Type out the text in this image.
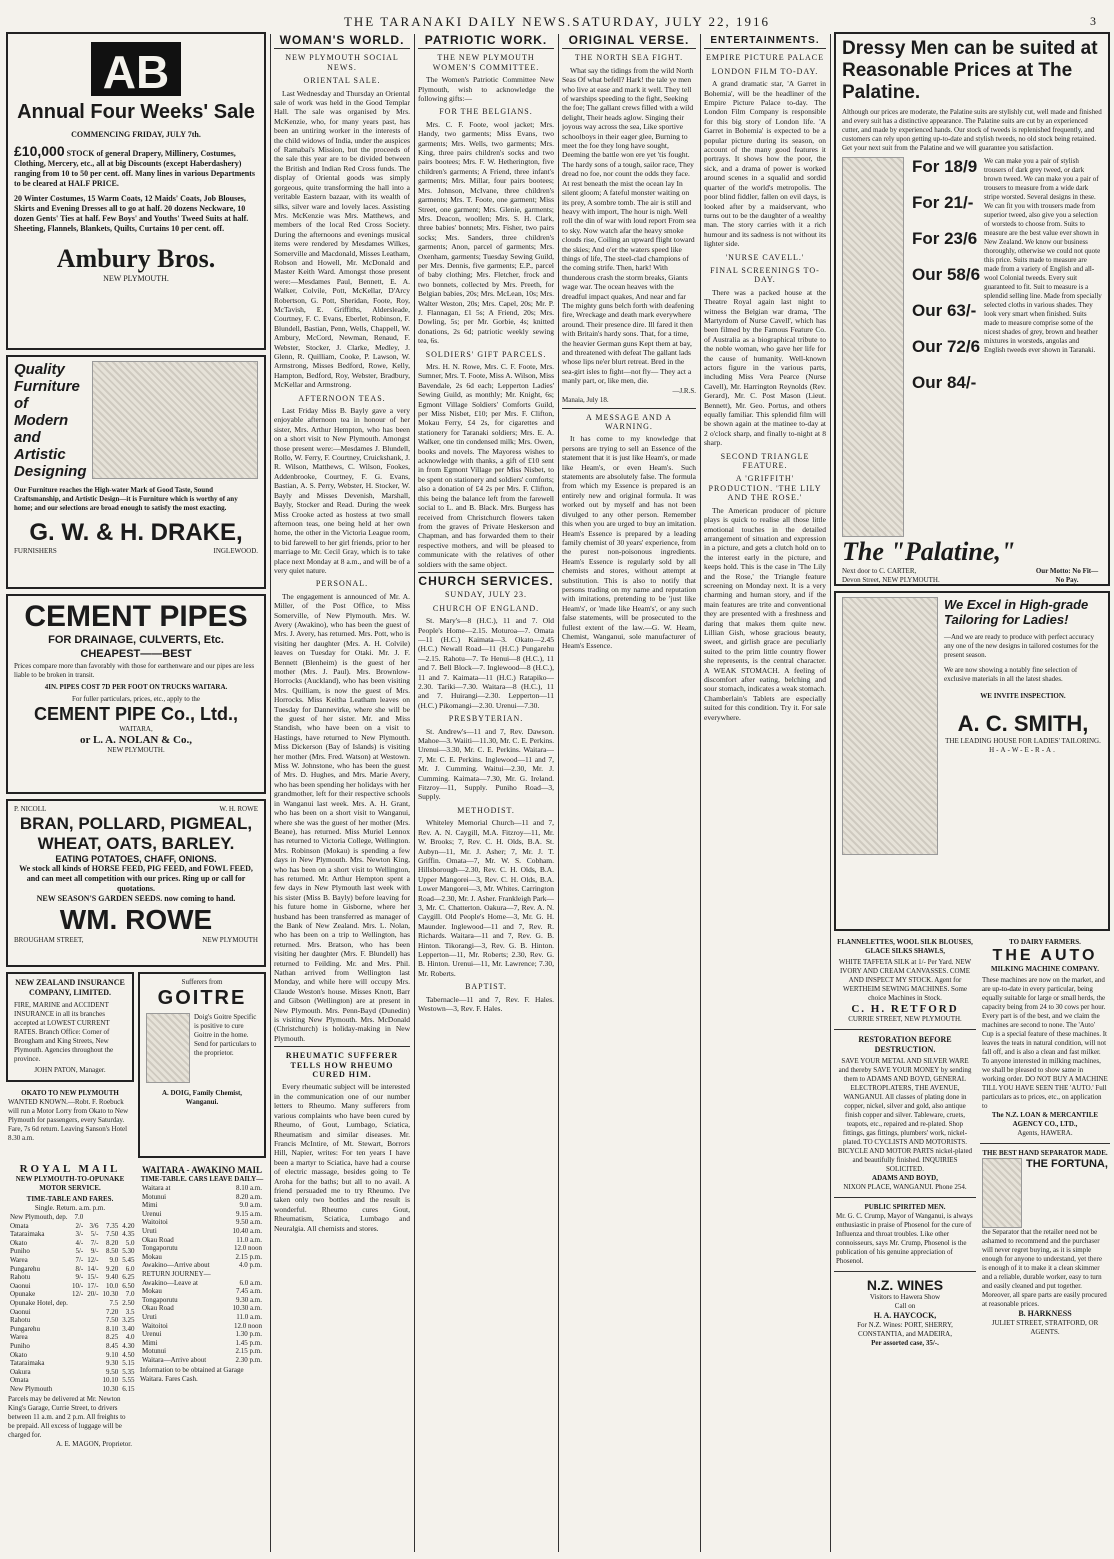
THE TARANAKI DAILY NEWS.SATURDAY, JULY 22, 1916	3
AB
Annual Four Weeks' Sale
COMMENCING FRIDAY, JULY 7th.
£10,000 STOCK of general Drapery, Millinery, Costumes, Clothing, Mercery, etc., all at big Discounts (except Haberdashery) ranging from 10 to 50 per cent. off. Many lines in various Departments to be cleared at HALF PRICE.
20 Winter Costumes, 15 Warm Coats, 12 Maids' Coats, Job Blouses, Skirts and Evening Dresses all to go at half. 20 dozens Neckware, 10 dozen Gents' Ties at half. Few Boys' and Youths' Tweed Suits at half. Sheeting, Flannels, Blankets, Quilts, Curtains 10 per cent. off.
Ambury Bros.
NEW PLYMOUTH.
Quality Furniture of Modern and Artistic Designing
Our Furniture reaches the High-water Mark of Good Taste, Sound Craftsmanship, and Artistic Design—it is Furniture which is worthy of any home; and our selections are broad enough to satisfy the most exacting.
G. W. & H. DRAKE,
FURNISHERS	INGLEWOOD.
CEMENT PIPES
FOR DRAINAGE, CULVERTS, Etc.
CHEAPEST——BEST
Prices compare more than favorably with those for earthenware and our pipes are less liable to be broken in transit.
4IN. PIPES COST 7D PER FOOT ON TRUCKS WAITARA.
For fuller particulars, prices, etc., apply to the
CEMENT PIPE Co., Ltd.,
WAITARA,
or L. A. NOLAN & Co.,
NEW PLYMOUTH.
P. NICOLL	W. H. ROWE
BRAN, POLLARD, PIGMEAL,
WHEAT, OATS, BARLEY.
EATING POTATOES, CHAFF, ONIONS.
We stock all kinds of HORSE FEED, PIG FEED, and FOWL FEED, and can meet all competition with our prices. Ring up or call for quotations.
NEW SEASON'S GARDEN SEEDS. now coming to hand.
WM. ROWE
BROUGHAM STREET,	NEW PLYMOUTH
NEW ZEALAND INSURANCE COMPANY, LIMITED.
FIRE, MARINE and ACCIDENT INSURANCE in all its branches accepted at LOWEST CURRENT RATES. Branch Office: Corner of Brougham and King Streets, New Plymouth. Agencies throughout the province.
JOHN PATON, Manager.
OKATO TO NEW PLYMOUTH
WANTED KNOWN.—Robt. F. Roebuck will run a Motor Lorry from Okato to New Plymouth for passengers, every Saturday. Fare, 7s 6d return. Leaving Sanson's Hotel 8.30 a.m.
ROYAL MAIL
NEW PLYMOUTH-TO-OPUNAKE MOTOR SERVICE.
TIME-TABLE AND FARES.
Single. Return. a.m. p.m.
New Plymouth, dep.	7.0			
Omata	2/-	3/6	7.35	4.20
Tataraimaka	3/-	5/-	7.50	4.35
Okato	4/-	7/-	8.20	5.0
Puniho	5/-	9/-	8.50	5.30
Warea	7/-	12/-	9.0	5.45
Pungarehu	8/-	14/-	9.20	6.0
Rahotu	9/-	15/-	9.40	6.25
Oaonui	10/-	17/-	10.0	6.50
Opunake	12/-	20/-	10.30	7.0
Opunake Hotel, dep.			7.5	2.50
Oaonui			7.20	3.5
Rahotu			7.50	3.25
Pungarehu			8.10	3.40
Warea			8.25	4.0
Puniho			8.45	4.30
Okato			9.10	4.50
Tataraimaka			9.30	5.15
Oakura			9.50	5.35
Omata			10.10	5.55
New Plymouth			10.30	6.15
Parcels may be delivered at Mr. Newton King's Garage, Currie Street, to drivers between 11 a.m. and 2 p.m. All freights to be prepaid. All excess of luggage will be charged for.
A. E. MAGON, Proprietor.
Sufferers from
GOITRE
Doig's Goitre Specific is positive to cure Goitre in the home. Send for particulars to the proprietor.
A. DOIG, Family Chemist, Wanganui.
WAITARA - AWAKINO MAIL
TIME-TABLE. CARS LEAVE DAILY—
Waitara at	8.10 a.m.
Motunui	8.20 a.m.
Mimi	9.0 a.m.
Urenui	9.15 a.m.
Waitoitoi	9.50 a.m.
Uruti	10.40 a.m.
Okau Road	11.0 a.m.
Tongaporutu	12.0 noon
Mokau	2.15 p.m.
Awakino—Arrive about	4.0 p.m.
RETURN JOURNEY—	
Awakino—Leave at	6.0 a.m.
Mokau	7.45 a.m.
Tongaporutu	9.30 a.m.
Okau Road	10.30 a.m.
Uruti	11.0 a.m.
Waitoitoi	12.0 noon
Urenui	1.30 p.m.
Mimi	1.45 p.m.
Motunui	2.15 p.m.
Waitara—Arrive about	2.30 p.m.
Information to be obtained at Garage Waitara. Fares Cash.
WOMAN'S WORLD.
NEW PLYMOUTH SOCIAL NEWS.
ORIENTAL SALE.

Last Wednesday and Thursday an Oriental sale of work was held in the Good Templar Hall. The sale was organised by Mrs. McKenzie, who, for many years past, has been an untiring worker in the interests of the child widows of India, under the auspices of Ramabai's Mission, but the proceeds of the sale this year are to be divided between the British and Indian Red Cross funds. The display of Oriental goods was simply gorgeous, quite transforming the hall into a veritable Eastern bazaar, with its wealth of silks, silver ware and lovely laces. Assisting Mrs. McKenzie was Mrs. Matthews, and members of the local Red Cross Society. During the afternoons and evenings musical items were rendered by Mesdames Wilkes, Somerville and Macdonald, Misses Leatham, Robson and Howell, Mr. McDonald and Master Keith Ward. Amongst those present were:—Mesdames Paul, Bennett, E. A. Walker, Colvile, Pott, McKellar, D'Arcy Robertson, G. Pott, Sheridan, Foote, Roy, McTavish, E. Griffiths, Aldersleade, Courtney, F. C. Evans, Eberlet, Robinson, F. Blundell, Bastian, Penn, Wells, Chappell, W. Ambury, McCord, Newman, Renaud, F. Webster, Stocker, J. Clarke, Medley, J. Glenn, R. Quilliam, Cooke, P. Lawson, W. Armstrong, Misses Bedford, Rowe, Kelly, Hampton, Bedford, Roy, Webster, Bradbury, McKellar and Armstrong.

AFTERNOON TEAS.

Last Friday Miss B. Bayly gave a very enjoyable afternoon tea in honour of her sister, Mrs. Arthur Hempton, who has been on a short visit to New Plymouth. Amongst those present were:—Mesdames J. Blundell, Rollo, W. Ferry, F. Courtney, Cruickshank, J. R. Wilson, Matthews, C. Wilson, Fookes, Addenbrooke, Courtney, F. G. Evans, Bastian, A. S. Perry, Webster, H. Stocker, W. Bayly and Misses Devenish, Marshall, Bayly, Stocker and Read. During the week Miss Crooke acted as hostess at two small afternoon teas, one being held at her own home, the other in the Victoria League room, to bid farewell to her girl friends, prior to her marriage to Mr. Cecil Gray, which is to take place next Monday at 8 a.m., and will be of a very quiet nature.

PERSONAL.

The engagement is announced of Mr. A. Miller, of the Post Office, to Miss Somerville, of New Plymouth. Mrs. W. Avery (Awakino), who has been the guest of Mrs. J. Avery, has returned. Mrs. Pott, who is visiting her daughter (Mrs. A. H. Colvile) leaves on Tuesday for Otaki. Mr. J. F. Bennett (Blenheim) is the guest of her mother (Mrs. J. Paul). Mrs. Brownlow-Horrocks (Auckland), who has been visiting Mrs. Quilliam, is now the guest of Mrs. Horrocks. Miss Keitha Leatham leaves on Tuesday for Dannevirke, where she will be the guest of her sister. Mr. and Miss Standish, who have been on a visit to Hastings, have returned to New Plymouth. Miss Dickerson (Bay of Islands) is visiting her mother (Mrs. Fred. Watson) at Westown. Miss W. Johnstone, who has been the guest of Mrs. D. Hughes, and Mrs. Marie Avery, who has been spending her holidays with her grandmother, left for their respective schools in Wanganui last week. Mrs. A. H. Grant, who has been on a short visit to Wanganui, where she was the guest of her mother (Mrs. Beane), has returned. Miss Muriel Lennox has returned to Victoria College, Wellington. Mrs. Robinson (Mokau) is spending a few days in New Plymouth. Mrs. Newton King, who has been on a short visit to Wellington, has returned. Mr. Arthur Hempton spent a few days in New Plymouth last week with his sister (Miss B. Bayly) before leaving for his future home in Gisborne, where her husband has been transferred as manager of the Bank of New Zealand. Mrs. L. Nolan, who has been on a trip to Wellington, has returned. Mrs. Bratson, who has been visiting her daughter (Mrs. F. Blundell) has returned to Feilding. Mr. and Mrs. Phil. Nathan arrived from Wellington last Monday, and while here will occupy Mrs. Claude Weston's house. Misses Knott, Barr and Gibson (Wellington) are at present in New Plymouth. Mrs. Penn-Bayd (Dunedin) is visiting New Plymouth. Mrs. McDonald (Christchurch) is holiday-making in New Plymouth.

RHEUMATIC SUFFERER TELLS HOW RHEUMO CURED HIM.

Every rheumatic subject will be interested in the communication one of our number letters to Rheumo. Many sufferers from various complaints who have been cured by Rheumo, of Gout, Lumbago, Sciatica, Rheumatism and similar diseases. Mr. Francis McIntire, of Mt. Stewart, Borrors Hill, Napier, writes: For ten years I have been a martyr to Sciatica, have had a course of electric massage, besides going to Te Aroha for the baths; but all to no avail. A friend persuaded me to try Rheumo. I've taken only two bottles and the result is wonderful. Rheumo cures Gout, Rheumatism, Sciatica, Lumbago and Neuralgia. All chemists and stores.

PATRIOTIC WORK.
THE NEW PLYMOUTH WOMEN'S COMMITTEE.

The Women's Patriotic Committee New Plymouth, wish to acknowledge the following gifts:—

FOR THE BELGIANS.

Mrs. C. F. Foote, wool jacket; Mrs. Handy, two garments; Miss Evans, two garments; Mrs. Wells, two garments; Mrs. King, three pairs children's socks and two pairs bootees; Mrs. F. W. Hetherington, five children's garments; A Friend, three infant's garments; Mrs. Millar, four pairs bootees; Mrs. Johnson, McIvane, three children's garments; Mrs. T. Foote, one garment; Miss Street, one garment; Mrs. Glenie, garments; Mrs. Deacon, woollen; Mrs. S. H. Clark, three babies' bonnets; Mrs. Fisher, two pairs socks; Mrs. Sanders, three children's garments; Anon, parcel of garments; Mrs. Oxenham, garments; Tuesday Sewing Guild, per Mrs. Dennis, five garments; E.P., parcel of baby clothing; Mrs. Fletcher, frock and two bonnets, collected by Mrs. Preeth, for Belgian babies, 20s; Mrs. McLean, 10s; Mrs. Walter Weston, 20s; Mrs. Capel, 20s; Mr. P. J. Flannagan, £1 5s; A Friend, 20s; Mrs. Dowling, 5s; per Mr. Gorbie, 4s; knitted donations, 2s 6d; patriotic weekly sewing tea, 6s.

SOLDIERS' GIFT PARCELS.

Mrs. H. N. Rowe, Mrs. C. F. Foote, Mrs. Sumner, Mrs. T. Foote, Miss A. Wilson, Miss Bavendale, 2s 6d each; Lepperton Ladies' Sewing Guild, as monthly; Mr. Knight, 6s; Egmont Village Soldiers' Comforts Guild, per Miss Nisbet, £10; per Mrs. F. Clifton, Mokau Ferry, £4 2s, for cigarettes and stationery for Taranaki soldiers; Mrs. E. A. Walker, one tin condensed milk; Mrs. Owen, books and novels. The Mayoress wishes to acknowledge with thanks, a gift of £10 sent in from Egmont Village per Miss Nisbet, to be spent on stationery and soldiers' comforts; also a donation of £4 2s per Mrs. F. Clifton, this being the balance left from the farewell social to L. and B. Black. Mrs. Burgess has received from Christchurch flowers taken from the graves of Private Heskerson and Chapman, and has forwarded them to their respective mothers, and will be pleased to communicate with the relatives of other soldiers with the same object.

CHURCH SERVICES.
SUNDAY, JULY 23.
CHURCH OF ENGLAND.

St. Mary's—8 (H.C.), 11 and 7. Old People's Home—2.15. Moturoa—7. Omata—11 (H.C.) Kaimata—3. Okato—2.45 (H.C.) Newall Road—11 (H.C.) Pungarehu—2.15. Rahotu—7. Te Henui—8 (H.C.), 11 and 7. Bell Block—7. Inglewood—8 (H.C.), 11 and 7. Kaimata—11 (H.C.) Ratapiko—2.30. Tariki—7.30. Waitara—8 (H.C.), 11 and 7. Huirangi—2.30. Lepperton—11 (H.C.) Pikomangi—2.30. Urenui—7.30.

PRESBYTERIAN.

St. Andrew's—11 and 7, Rev. Dawson. Mahoe—3. Waiiti—11.30, Mr. C. E. Perkins. Urenui—3.30, Mr. C. E. Perkins. Waitara—7, Mr. C. E. Perkins. Inglewood—11 and 7, Mr. J. Cumming. Waitui—2.30, Mr. J. Cumming. Kaimata—7.30, Mr. G. Ireland. Fitzroy—11, Supply. Puniho Road—3, Supply.

METHODIST.

Whiteley Memorial Church—11 and 7, Rev. A. N. Caygill, M.A. Fitzroy—11, Mr. W. Brooks; 7, Rev. C. H. Olds, B.A. St. Aubyn—11, Mr. J. Asher; 7, Mr. J. T. Griffin. Omata—7, Mr. W. S. Cobham. Hillsborough—2.30, Rev. C. H. Olds, B.A. Upper Mangorei—3, Rev. C. H. Olds, B.A. Lower Mangorei—3, Mr. Whites. Carrington Road—2.30, Mr. J. Asher. Frankleigh Park—3, Mr. C. Chatterton. Oakura—7, Rev. A. N. Caygill. Old People's Home—3, Mr. G. H. Maunder. Inglewood—11 and 7, Rev. R. Richards. Waitara—11 and 7, Rev. G. B. Hinton. Tikorangi—3, Rev. G. B. Hinton. Lepperton—11, Mr. Roberts; 2.30, Rev. G. B. Hinton. Urenui—11, Mr. Lawrence; 7.30, Mr. Roberts.

BAPTIST.

Tabernacle—11 and 7, Rev. F. Hales. Westown—3, Rev. F. Hales.

ORIGINAL VERSE.
THE NORTH SEA FIGHT.

What say the tidings from the wild North Seas Of what befell? Hark! the tale ye men who live at ease and mark it well. They tell of warships speeding to the fight, Seeking the foe; The gallant crews filled with a wild delight, Their heads aglow. Singing their joyous way across the sea, Like sportive schoolboys in their eager glee, Burning to meet the foe they long have sought, Deeming the battle won ere yet 'tis fought. The hardy sons of a tough, sailor race, They dread no foe, nor count the odds they face. At rest beneath the mist the ocean lay In silent gloom; A fateful monster waiting on its prey, A sombre tomb. The air is still and heavy with import, The hour is nigh. Well roll the din of war with loud report From sea to sky. Now watch afar the heavy smoke clouds rise, Coiling an upward flight toward the skies; And o'er the waters speed like things of life, The steel-clad champions of the coming strife. Then, hark! With thunderous crash the storm breaks, Giants wage war. The ocean heaves with the dreadful impact quakes, And near and far The mighty guns belch forth with deafening fire, Wreckage and death mark everywhere around. Their presence dire. Ill fared it then with Britain's hardy sons. That, for a time, the heavier German guns Kept them at bay, and threatened with defeat The gallant lads whose lips ne'er blurt retreat. Bred in the sea-girt isles to fight—not fly— They act a manly part, or, like men, die.

—J.R.S.
Manaia, July 18.
A MESSAGE AND A WARNING.

It has come to my knowledge that persons are trying to sell an Essence of the statement that it is just like Heam's, or made like Heam's, or even Heam's. Such statements are absolutely false. The formula from which my Essence is prepared is an entirely new and original formula. It was worked out by myself and has not been divulged to any other person. Remember this when you are urged to buy an imitation. Heam's Essence is prepared by a leading family chemist of 30 years' experience, from the purest non-poisonous ingredients. Heam's Essence is regularly sold by all chemists and stores, without attempt at substitution. This is also to notify that persons trading on my name and reputation with imitations, pretending to be 'just like Heam's', or 'made like Heam's', or any such false statements, will be prosecuted to the fullest extent of the law.—G. W. Heam, Chemist, Wanganui, sole manufacturer of Heam's Essence.

ENTERTAINMENTS.
EMPIRE PICTURE PALACE
LONDON FILM TO-DAY.

A grand dramatic star, 'A Garret in Bohemia', will be the headliner of the Empire Picture Palace to-day. The London Film Company is responsible for this big story of London life. 'A Garret in Bohemia' is expected to be a popular picture during its season, on account of the many good features it portrays. It shows how the poor, the sick, and a drama of power is worked around scenes in a squalid and sordid quarter of the world's metropolis. The poor blind fiddler, fallen on evil days, is looked after by a maidservant, who turns out to be the daughter of a wealthy man. The story carries with it a rich humour and its sadness is not without its lighter side.

'NURSE CAVELL.'
FINAL SCREENINGS TO-DAY.

There was a packed house at the Theatre Royal again last night to witness the Belgian war drama, 'The Martyrdom of Nurse Cavell', which has been filmed by the Famous Feature Co. of Australia as a biographical tribute to the noble woman, who gave her life for the cause of humanity. Well-known actors figure in the various parts, including Miss Vera Pearce (Nurse Cavell), Mr. Harrington Reynolds (Rev. Gerard), Mr. C. Post Mason (Lieut. Bennett), Mr. Geo. Portus, and others equally familiar. This splendid film will be shown again at the matinee to-day at 2 o'clock sharp, and finally to-night at 8 sharp.

SECOND TRIANGLE FEATURE.
A 'GRIFFITH' PRODUCTION. 'THE LILY AND THE ROSE.'

The American producer of picture plays is quick to realise all those little emotional touches in the detailed arrangement of situation and expression in a picture, and gets a clutch hold on to the interest early in the picture, and keeps hold. This is the case in 'The Lily and the Rose,' the Triangle feature screening on Monday next. It is a very charming and human story, and if the main features are trite and conventional they are presented with a freshness and daring that makes them quite new. Lillian Gish, whose gracious beauty, sweet, and girlish grace are peculiarly suited to the prim little country flower she represents, is the central character. A WEAK STOMACH. A feeling of discomfort after eating, belching and sour stomach, indicates a weak stomach. Chamberlain's Tablets are especially suited for this condition. Try it. For sale everywhere.

Dressy Men can be suited at Reasonable Prices at The Palatine.
Although our prices are moderate, the Palatine suits are stylishly cut, well made and finished and every suit has a distinctive appearance. The Palatine suits are cut by an experienced cutter, and made by experienced hands. Our stock of tweeds is replenished frequently, and customers can rely upon getting up-to-date and stylish tweeds, no old stock being retained. Get your next suit from the Palatine and we will guarantee you satisfaction.
For 18/9
For 21/-
For 23/6
Our 58/6
Our 63/-
Our 72/6
Our 84/-
We can make you a pair of stylish trousers of dark grey tweed, or dark brown tweed. We can make you a pair of trousers to measure from a wide dark stripe worsted. Several designs in these. We can fit you with trousers made from superior tweed, also give you a selection of worsteds to choose from. Suits to measure are the best value ever shown in New Zealand. We know our business thoroughly, otherwise we could not quote this price. Suits made to measure are made from a variety of English and all-wool Colonial tweeds. Every suit guaranteed to fit. Suit to measure is a splendid selling line. Made from specially selected cloths in various shades. They look very smart when finished. Suits made to measure comprise some of the nicest shades of grey, brown and heather mixtures in worsteds, angolas and English tweeds ever shown in Taranaki.
The "Palatine,"
Next door to C. CARTER,
Devon Street, NEW PLYMOUTH.
Our Motto: No Fit—No Pay.
We Excel in High-grade Tailoring for Ladies!
—And we are ready to produce with perfect accuracy any one of the new designs in tailored costumes for the present season.
We are now showing a notably fine selection of exclusive materials in all the latest shades.
WE INVITE INSPECTION.
A. C. SMITH,
THE LEADING HOUSE FOR LADIES' TAILORING.
H-A-W-E-R-A.
FLANNELETTES, WOOL SILK BLOUSES, GLACE SILKS SHAWLS,
WHITE TAFFETA SILK at 1/- Per Yard. NEW IVORY AND CREAM CANVASSES. COME AND INSPECT MY STOCK. Agent for WERTHEIM SEWING MACHINES. Some choice Machines in Stock.
C. H. RETFORD
CURRIE STREET, NEW PLYMOUTH.
RESTORATION BEFORE DESTRUCTION.
SAVE YOUR METAL AND SILVER WARE and thereby SAVE YOUR MONEY by sending them to ADAMS AND BOYD, GENERAL ELECTROPLATERS, THE AVENUE, WANGANUI. All classes of plating done in copper, nickel, silver and gold, also antique finish copper and silver. Tableware, cruets, teapots, etc., repaired and re-plated. Shop fittings, gas fittings, plumbers' work, nickel-plated. TO CYCLISTS AND MOTORISTS. BICYCLE AND MOTOR PARTS nickel-plated and beautifully finished. INQUIRIES SOLICITED.
ADAMS AND BOYD,
NIXON PLACE, WANGANUI. Phone 254.
PUBLIC SPIRITED MEN.
Mr. G. C. Crump, Mayor of Wanganui, is always enthusiastic in praise of Phosenol for the cure of Influenza and throat troubles. Like other connoisseurs, says Mr. Crump, Phosenol is the publication of his genuine appreciation of Phosenol.
N.Z. WINES
Visitors to Hawera Show
Call on
H. A. HAYCOCK,
For N.Z. Wines: PORT, SHERRY, CONSTANTIA, and MADEIRA,
Per assorted case, 35/-.
TO DAIRY FARMERS.
THE AUTO
MILKING MACHINE COMPANY.
These machines are now on the market, and are up-to-date in every particular, being equally suitable for large or small herds, the capacity being from 24 to 30 cows per hour. Every part is of the best, and we claim the machines are second to none. The 'Auto' Cup is a special feature of these machines. It leaves the teats in natural condition, will not fall off, and is also a clean and fast milker. To anyone interested in milking machines, we shall be pleased to show same in working order. DO NOT BUY A MACHINE TILL YOU HAVE SEEN THE 'AUTO.' Full particulars as to prices, etc., on application to
The N.Z. LOAN & MERCANTILE AGENCY CO., LTD.,
Agents, HAWERA.
THE BEST HAND SEPARATOR MADE.
THE FORTUNA,
the Separator that the retailer need not be ashamed to recommend and the purchaser will never regret buying, as it is simple enough for anyone to understand, yet there is enough of it to make it a clean skimmer and a reliable, durable worker, easy to turn and easily cleaned and put together. Moreover, all spare parts are easily procured at reasonable prices.
B. HARKNESS
JULIET STREET, STRATFORD, OR AGENTS.
